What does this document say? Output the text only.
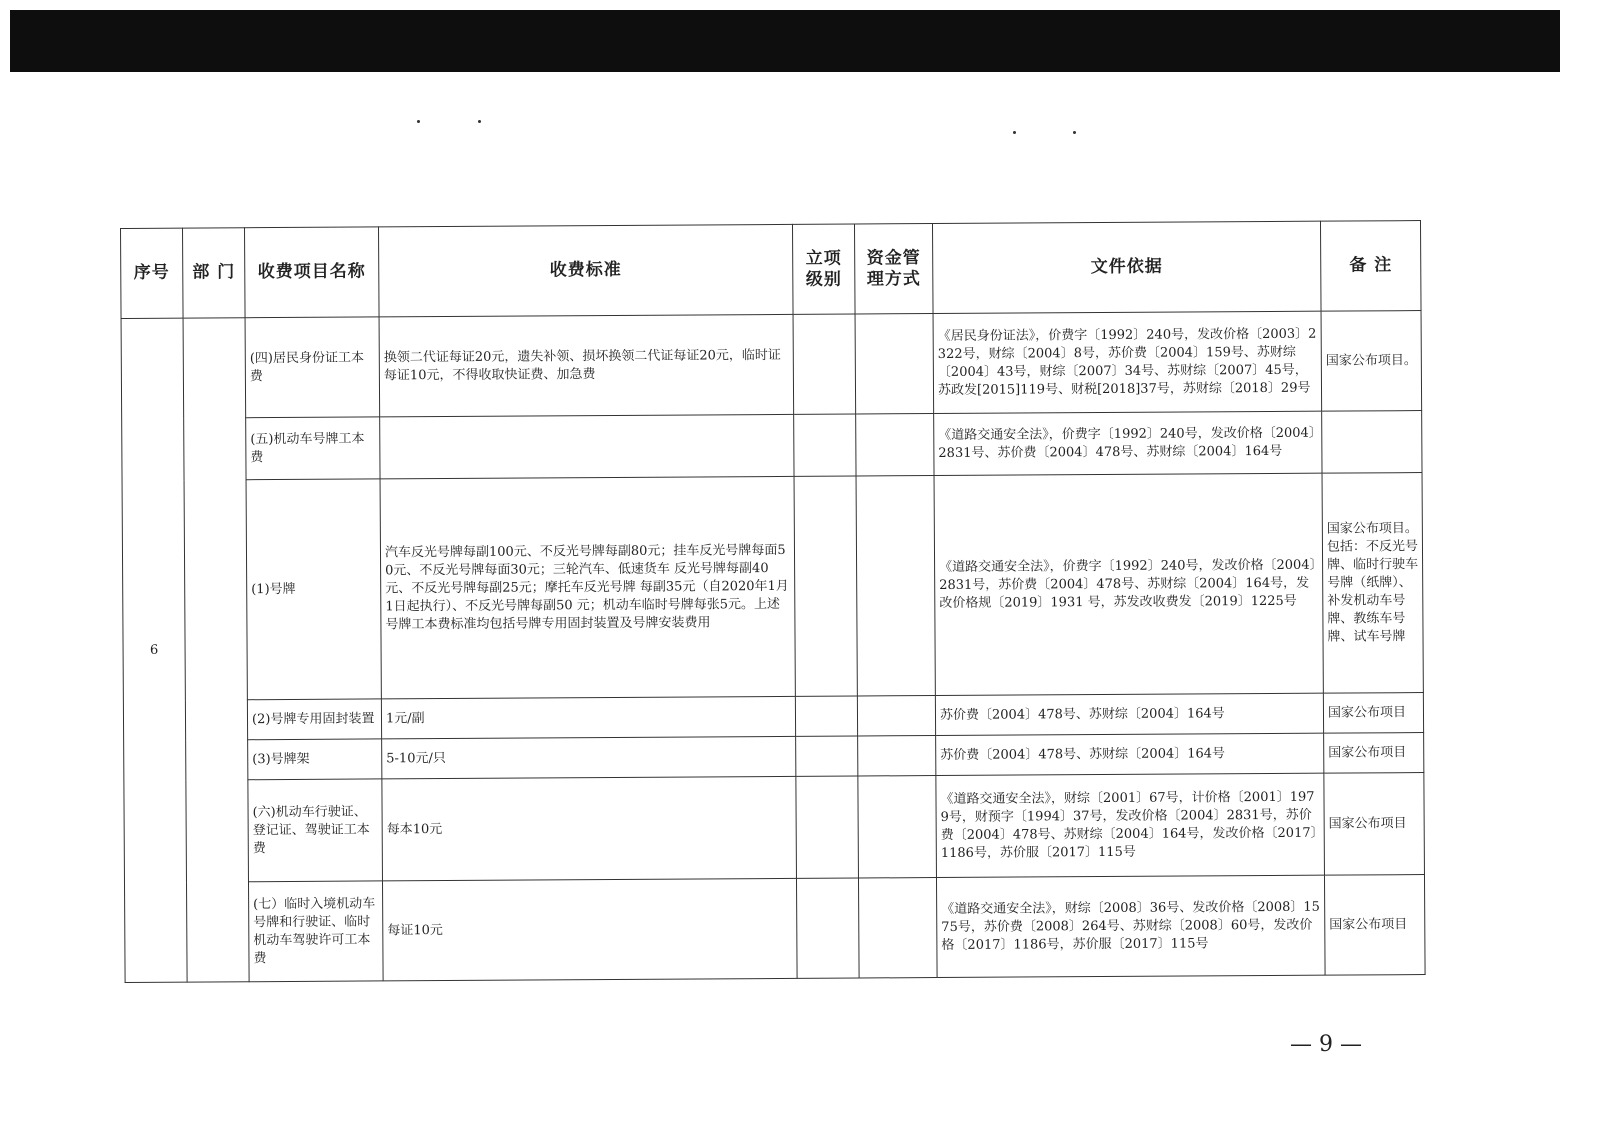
序号	部 门	收费项目名称	收费标准	立项级别	资金管理方式	文件依据	备 注
6		(四)居民身份证工本费	换领二代证每证20元，遗失补领、损坏换领二代证每证20元，临时证每证10元，不得收取快证费、加急费			《居民身份证法》，价费字〔1992〕240号，发改价格〔2003〕2322号，财综〔2004〕8号，苏价费〔2004〕159号、苏财综〔2004〕43号，财综〔2007〕34号、苏财综〔2007〕45号，苏政发[2015]119号、财税[2018]37号，苏财综〔2018〕29号	国家公布项目。
		(五)机动车号牌工本费				《道路交通安全法》，价费字〔1992〕240号，发改价格〔2004〕2831号、苏价费〔2004〕478号、苏财综〔2004〕164号	
		(1)号牌	汽车反光号牌每副100元、不反光号牌每副80元；挂车反光号牌每面50元、不反光号牌每面30元；三轮汽车、低速货车 反光号牌每副40元、不反光号牌每副25元；摩托车反光号牌 每副35元（自2020年1月1日起执行）、不反光号牌每副50 元；机动车临时号牌每张5元。上述号牌工本费标准均包括号牌专用固封装置及号牌安装费用			《道路交通安全法》，价费字〔1992〕240号，发改价格〔2004〕2831号，苏价费〔2004〕478号、苏财综〔2004〕164号，发改价格规〔2019〕1931 号，苏发改收费发〔2019〕1225号	国家公布项目。包括：不反光号牌、临时行驶车号牌（纸牌）、补发机动车号牌、教练车号牌、试车号牌
		(2)号牌专用固封装置	1元/副			苏价费〔2004〕478号、苏财综〔2004〕164号	国家公布项目
		(3)号牌架	5-10元/只			苏价费〔2004〕478号、苏财综〔2004〕164号	国家公布项目
		(六)机动车行驶证、登记证、驾驶证工本费	每本10元			《道路交通安全法》，财综〔2001〕67号，计价格〔2001〕1979号，财预字〔1994〕37号，发改价格〔2004〕2831号，苏价费〔2004〕478号、苏财综〔2004〕164号，发改价格〔2017〕1186号，苏价服〔2017〕115号	国家公布项目
		(七）临时入境机动车号牌和行驶证、临时机动车驾驶许可工本费	每证10元			《道路交通安全法》，财综〔2008〕36号、发改价格〔2008〕1575号，苏价费〔2008〕264号、苏财综〔2008〕60号，发改价格〔2017〕1186号，苏价服〔2017〕115号	国家公布项目
— 9 —
